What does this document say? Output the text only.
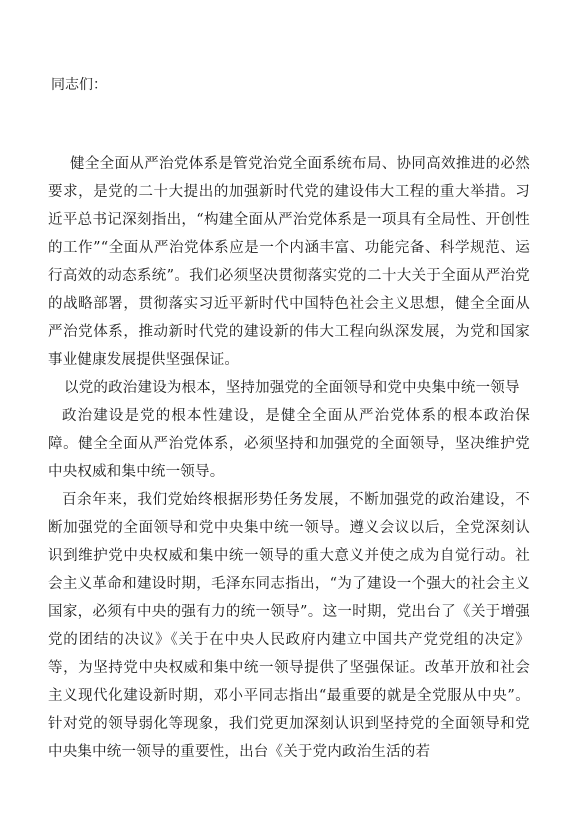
同志们：

健全全面从严治党体系是管党治党全面系统布局、协同高效推进的必然要求，是党的二十大提出的加强新时代党的建设伟大工程的重大举措。习近平总书记深刻指出，“构建全面从严治党体系是一项具有全局性、开创性的工作”“全面从严治党体系应是一个内涵丰富、功能完备、科学规范、运行高效的动态系统”。我们必须坚决贯彻落实党的二十大关于全面从严治党的战略部署，贯彻落实习近平新时代中国特色社会主义思想，健全全面从严治党体系，推动新时代党的建设新的伟大工程向纵深发展，为党和国家事业健康发展提供坚强保证。

以党的政治建设为根本，坚持加强党的全面领导和党中央集中统一领导

政治建设是党的根本性建设，是健全全面从严治党体系的根本政治保障。健全全面从严治党体系，必须坚持和加强党的全面领导，坚决维护党中央权威和集中统一领导。

百余年来，我们党始终根据形势任务发展，不断加强党的政治建设，不断加强党的全面领导和党中央集中统一领导。遵义会议以后，全党深刻认识到维护党中央权威和集中统一领导的重大意义并使之成为自觉行动。社会主义革命和建设时期，毛泽东同志指出，“为了建设一个强大的社会主义国家，必须有中央的强有力的统一领导”。这一时期，党出台了《关于增强党的团结的决议》《关于在中央人民政府内建立中国共产党党组的决定》等，为坚持党中央权威和集中统一领导提供了坚强保证。改革开放和社会主义现代化建设新时期，邓小平同志指出“最重要的就是全党服从中央”。针对党的领导弱化等现象，我们党更加深刻认识到坚持党的全面领导和党中央集中统一领导的重要性，出台《关于党内政治生活的若
